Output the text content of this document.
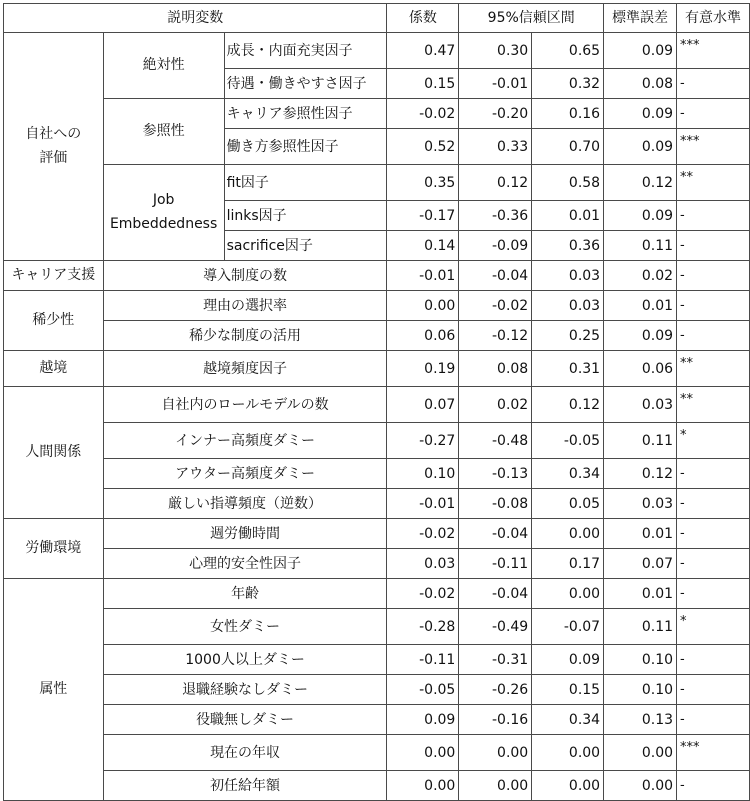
説明変数			係数	95%信頼区間		標準誤差	有意水準
自社への
評価	絶対性	成長・内面充実因子	0.47	0.30	0.65	0.09	***
		待遇・働きやすさ因子	0.15	-0.01	0.32	0.08	-
	参照性	キャリア参照性因子	-0.02	-0.20	0.16	0.09	-
		働き方参照性因子	0.52	0.33	0.70	0.09	***
	Job
Embeddedness	fit因子	0.35	0.12	0.58	0.12	**
		links因子	-0.17	-0.36	0.01	0.09	-
		sacrifice因子	0.14	-0.09	0.36	0.11	-
キャリア支援	導入制度の数		-0.01	-0.04	0.03	0.02	-
稀少性	理由の選択率		0.00	-0.02	0.03	0.01	-
	稀少な制度の活用		0.06	-0.12	0.25	0.09	-
越境	越境頻度因子		0.19	0.08	0.31	0.06	**
人間関係	自社内のロールモデルの数		0.07	0.02	0.12	0.03	**
	インナー高頻度ダミー		-0.27	-0.48	-0.05	0.11	*
	アウター高頻度ダミー		0.10	-0.13	0.34	0.12	-
	厳しい指導頻度（逆数）		-0.01	-0.08	0.05	0.03	-
労働環境	週労働時間		-0.02	-0.04	0.00	0.01	-
	心理的安全性因子		0.03	-0.11	0.17	0.07	-
属性	年齢		-0.02	-0.04	0.00	0.01	-
	女性ダミー		-0.28	-0.49	-0.07	0.11	*
	1000人以上ダミー		-0.11	-0.31	0.09	0.10	-
	退職経験なしダミー		-0.05	-0.26	0.15	0.10	-
	役職無しダミー		0.09	-0.16	0.34	0.13	-
	現在の年収		0.00	0.00	0.00	0.00	***
	初任給年額		0.00	0.00	0.00	0.00	-
